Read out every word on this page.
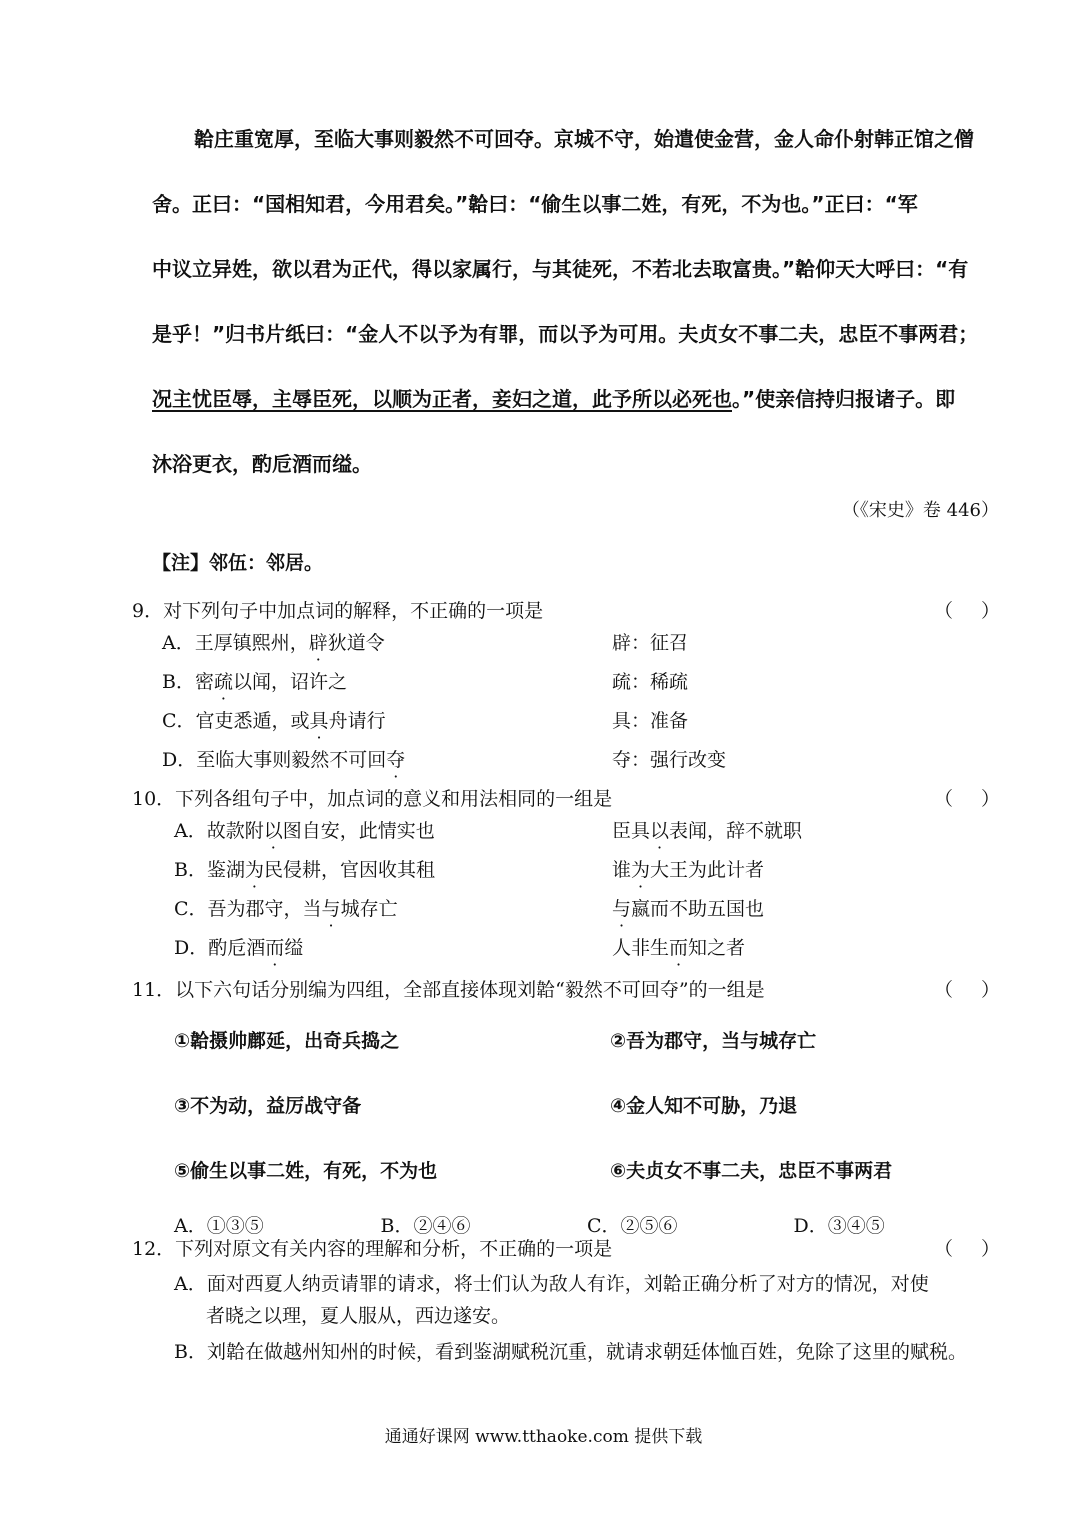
韐庄重宽厚，至临大事则毅然不可回夺。京城不守，始遣使金营，金人命仆射韩正馆之僧
舍。正曰：“国相知君，今用君矣。”韐曰：“偷生以事二姓，有死，不为也。”正曰：“军
中议立异姓，欲以君为正代，得以家属行，与其徒死，不若北去取富贵。”韐仰天大呼曰：“有
是乎！”归书片纸曰：“金人不以予为有罪，而以予为可用。夫贞女不事二夫，忠臣不事两君；
况主忧臣辱，主辱臣死，以顺为正者，妾妇之道，此予所以必死也。”使亲信持归报诸子。即
沐浴更衣，酌卮酒而缢。
（《宋史》卷 446）
【注】邻伍：邻居。
9．对下列句子中加点词的解释，不正确的一项是	（ ）
A．王厚镇熙州，辟狄道令	辟：征召
B．密疏以闻，诏许之	疏：稀疏
C．官吏悉遁，或具舟请行	具：准备
D．至临大事则毅然不可回夺	夺：强行改变
10．下列各组句子中，加点词的意义和用法相同的一组是	（ ）
A．故款附以图自安，此情实也	臣具以表闻，辞不就职
B．鉴湖为民侵耕，官因收其租	谁为大王为此计者
C．吾为郡守，当与城存亡	与嬴而不助五国也
D．酌卮酒而缢	人非生而知之者
11．以下六句话分别编为四组，全部直接体现刘韐“毅然不可回夺”的一组是	（ ）
①韐摄帅鄜延，出奇兵捣之	②吾为郡守，当与城存亡
③不为动，益厉战守备	④金人知不可胁，乃退
⑤偷生以事二姓，有死，不为也	⑥夫贞女不事二夫，忠臣不事两君
A．①③⑤	B．②④⑥	C．②⑤⑥	D．③④⑤
12．下列对原文有关内容的理解和分析，不正确的一项是	（ ）
A．面对西夏人纳贡请罪的请求，将士们认为敌人有诈，刘韐正确分析了对方的情况，对使
者晓之以理，夏人服从，西边遂安。
B．刘韐在做越州知州的时候，看到鉴湖赋税沉重，就请求朝廷体恤百姓，免除了这里的赋税。
通通好课网 www.tthaoke.com 提供下载
